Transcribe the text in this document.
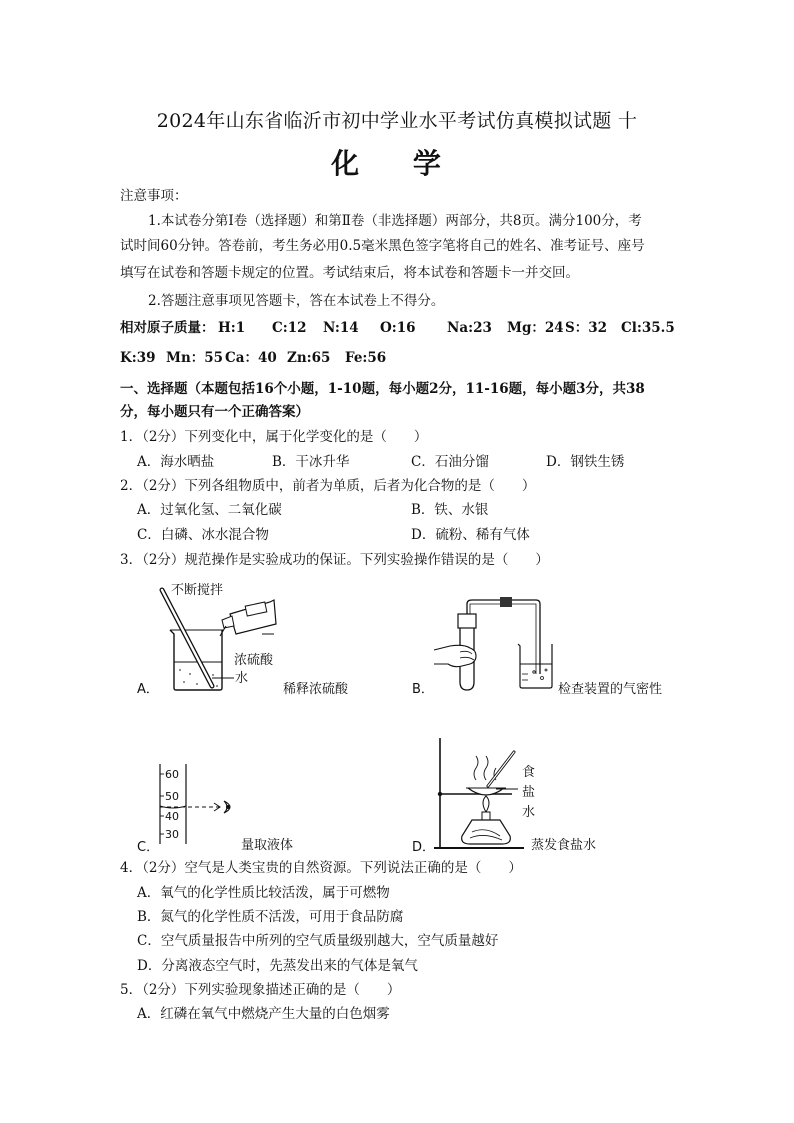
2024年山东省临沂市初中学业水平考试仿真模拟试题 十
化 学
注意事项：
1.本试卷分第Ⅰ卷（选择题）和第Ⅱ卷（非选择题）两部分，共8页。满分100分，考
试时间60分钟。答卷前，考生务必用0.5毫米黑色签字笔将自己的姓名、准考证号、座号
填写在试卷和答题卡规定的位置。考试结束后，将本试卷和答题卡一并交回。
2.答题注意事项见答题卡，答在本试卷上不得分。
相对原子质量： H:1 C:12 N:14 O:16 Na:23 Mg：24 S：32 Cl:35.5
K:39 Mn：55 Ca：40 Zn:65 Fe:56
一、选择题（本题包括16个小题，1-10题，每小题2分，11-16题，每小题3分，共38
分，每小题只有一个正确答案）
1．（2分）下列变化中，属于化学变化的是（　　）
A．海水晒盐	B．干冰升华	C．石油分馏	D．钢铁生锈
2．（2分）下列各组物质中，前者为单质，后者为化合物的是（　　）
A．过氧化氢、二氧化碳	B．铁、水银
C．白磷、冰水混合物	D．硫粉、稀有气体
3．（2分）规范操作是实验成功的保证。下列实验操作错误的是（　　）
不断搅拌
浓硫酸
水
A．	稀释浓硫酸	B．	检查装置的气密性
60
50
40
30
C．	量取液体
食
盐
水
D．	蒸发食盐水
4．（2分）空气是人类宝贵的自然资源。下列说法正确的是（　　）
A．氧气的化学性质比较活泼，属于可燃物
B．氮气的化学性质不活泼，可用于食品防腐
C．空气质量报告中所列的空气质量级别越大，空气质量越好
D．分离液态空气时，先蒸发出来的气体是氧气
5．（2分）下列实验现象描述正确的是（　　）
A．红磷在氧气中燃烧产生大量的白色烟雾
